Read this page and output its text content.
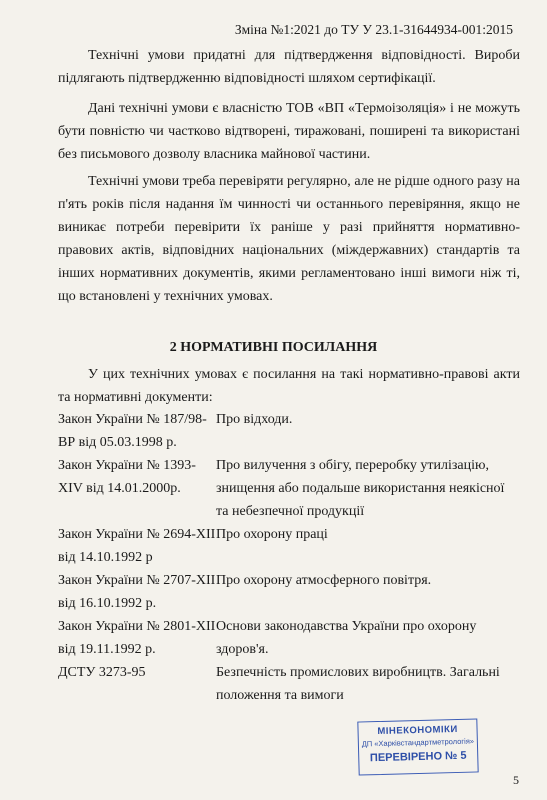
Зміна №1:2021 до ТУ У 23.1-31644934-001:2015

Технічні умови придатні для підтвердження відповідності. Вироби підлягають підтвердженню відповідності шляхом сертифікації.

Дані технічні умови є власністю ТОВ «ВП «Термоізоляція» і не можуть бути повністю чи частково відтворені, тиражовані, поширені та використані без письмового дозволу власника майнової частини.

Технічні умови треба перевіряти регулярно, але не рідше одного разу на п'ять років після надання їм чинності чи останнього перевіряння, якщо не виникає потреби перевірити їх раніше у разі прийняття нормативно-правових актів, відповідних національних (міждержавних) стандартів та інших нормативних документів, якими регламентовано інші вимоги ніж ті, що встановлені у технічних умовах.

2 НОРМАТИВНІ ПОСИЛАННЯ

У цих технічних умовах є посилання на такі нормативно-правові акти та нормативні документи:

Закон України № 187/98-ВР від 05.03.1998 р.
Про відходи.
Закон України № 1393-XIV від 14.01.2000р.
Про вилучення з обігу, переробку утилізацію, знищення або подальше використання неякісної та небезпечної продукції
Закон України № 2694-XII від 14.10.1992 р
Про охорону праці
Закон України № 2707-XII від 16.10.1992 р.
Про охорону атмосферного повітря.
Закон України № 2801-XII від 19.11.1992 р.
Основи законодавства України про охорону здоров'я.
ДСТУ 3273-95	Безпечність промислових виробництв. Загальні положення та вимоги
МІНЕКОНОМІКИ
ДП «Харківстандартметрологія»
ПЕРЕВІРЕНО № 5
5
